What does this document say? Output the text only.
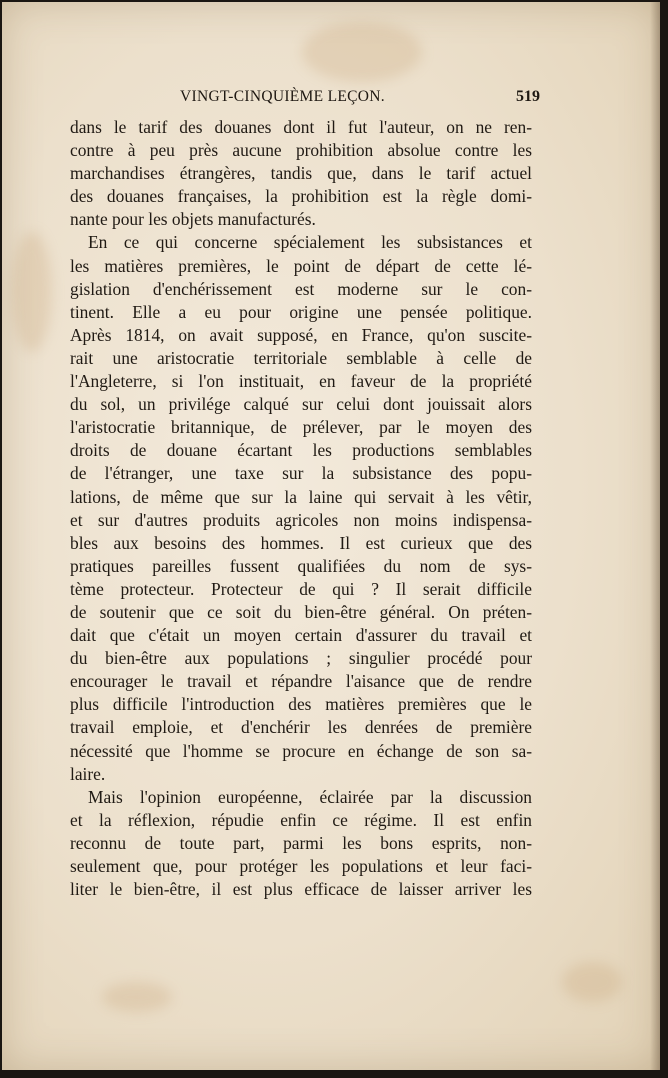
VINGT-CINQUIÈME LEÇON.	519
dans le tarif des douanes dont il fut l'auteur, on ne ren-
contre à peu près aucune prohibition absolue contre les
marchandises étrangères, tandis que, dans le tarif actuel
des douanes françaises, la prohibition est la règle domi-
nante pour les objets manufacturés.
En ce qui concerne spécialement les subsistances et
les matières premières, le point de départ de cette lé-
gislation d'enchérissement est moderne sur le con-
tinent. Elle a eu pour origine une pensée politique.
Après 1814, on avait supposé, en France, qu'on suscite-
rait une aristocratie territoriale semblable à celle de
l'Angleterre, si l'on instituait, en faveur de la propriété
du sol, un privilége calqué sur celui dont jouissait alors
l'aristocratie britannique, de prélever, par le moyen des
droits de douane écartant les productions semblables
de l'étranger, une taxe sur la subsistance des popu-
lations, de même que sur la laine qui servait à les vêtir,
et sur d'autres produits agricoles non moins indispensa-
bles aux besoins des hommes. Il est curieux que des
pratiques pareilles fussent qualifiées du nom de sys-
tème protecteur. Protecteur de qui ? Il serait difficile
de soutenir que ce soit du bien-être général. On préten-
dait que c'était un moyen certain d'assurer du travail et
du bien-être aux populations ; singulier procédé pour
encourager le travail et répandre l'aisance que de rendre
plus difficile l'introduction des matières premières que le
travail emploie, et d'enchérir les denrées de première
nécessité que l'homme se procure en échange de son sa-
laire.
Mais l'opinion européenne, éclairée par la discussion
et la réflexion, répudie enfin ce régime. Il est enfin
reconnu de toute part, parmi les bons esprits, non-
seulement que, pour protéger les populations et leur faci-
liter le bien-être, il est plus efficace de laisser arriver les
